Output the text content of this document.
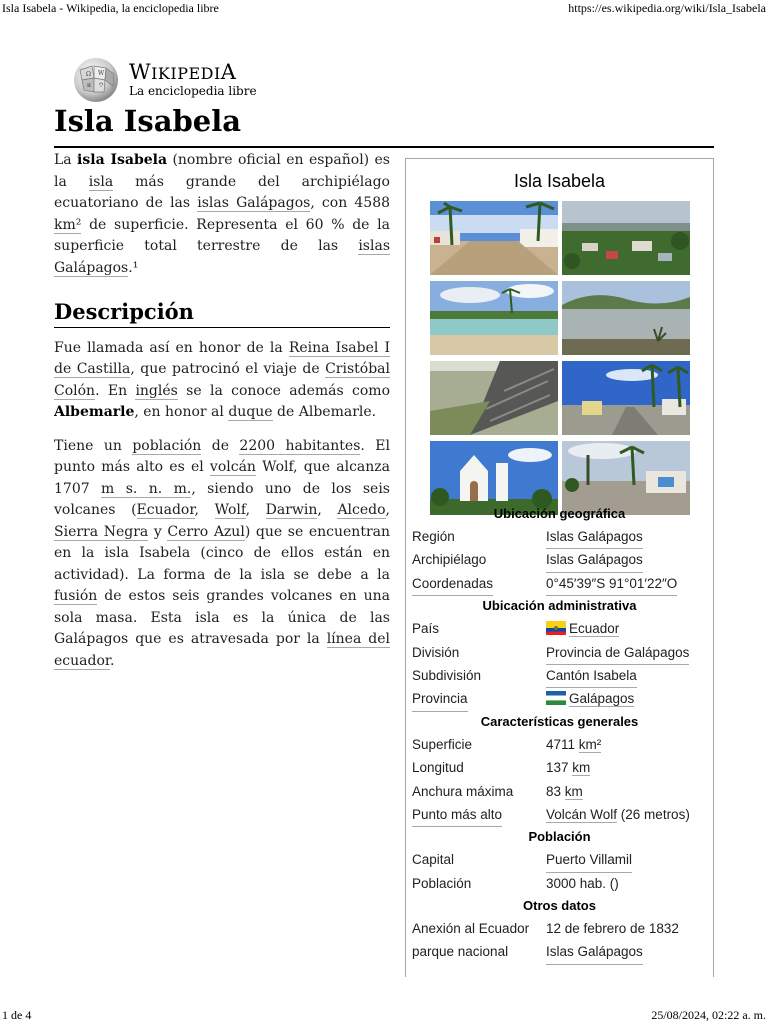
Isla Isabela - Wikipedia, la enciclopedia libre	https://es.wikipedia.org/wiki/Isla_Isabela
Ω W
и ウ
WIKIPEDIA
La enciclopedia libre
Isla Isabela

La isla Isabela (nombre oficial en español) es la isla más grande del archipiélago ecuatoriano de las islas Galápagos, con 4588 km² de superficie. Representa el 60 % de la superficie total terrestre de las islas Galápagos.¹

Descripción

Fue llamada así en honor de la Reina Isabel I de Castilla, que patrocinó el viaje de Cristóbal Colón. En inglés se la conoce además como Albemarle, en honor al duque de Albemarle.

Tiene un población de 2200 habitantes. El punto más alto es el volcán Wolf, que alcanza 1707 m s. n. m., siendo uno de los seis volcanes (Ecuador, Wolf, Darwin, Alcedo, Sierra Negra y Cerro Azul) que se encuentran en la isla Isabela (cinco de ellos están en actividad). La forma de la isla se debe a la fusión de estos seis grandes volcanes en una sola masa. Esta isla es la única de las Galápagos que es atravesada por la línea del ecuador.

Isla Isabela
Ubicación geográfica
Región	Islas Galápagos
Archipiélago	Islas Galápagos
Coordenadas	0°45′39″S 91°01′22″O
Ubicación administrativa
País	Ecuador
División	Provincia de Galápagos
Subdivisión	Cantón Isabela
Provincia	Galápagos
Características generales
Superficie	4711 km²
Longitud	137 km
Anchura máxima 83 km
Punto más alto	Volcán Wolf (26 metros)
Población
Capital	Puerto Villamil
Población	3000 hab. ()
Otros datos
Anexión al Ecuador 12 de febrero de 1832
parque nacional	Islas Galápagos
1 de 4	25/08/2024, 02:22 a. m.
